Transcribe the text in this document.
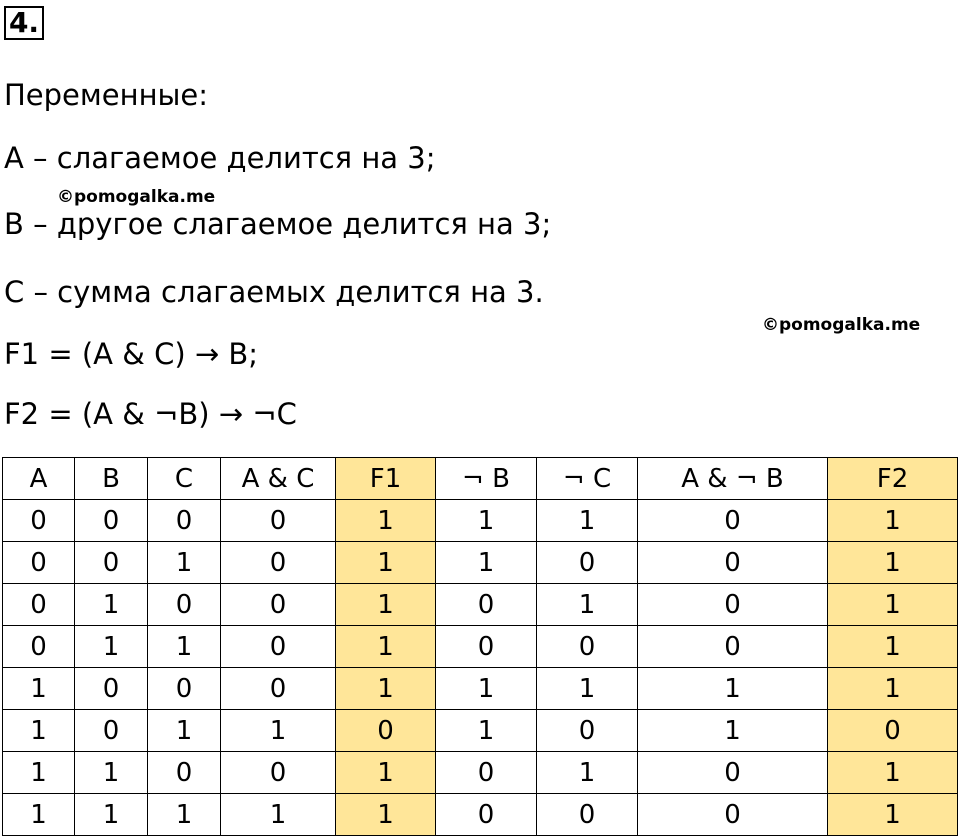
4.
Переменные:
A – слагаемое делится на 3;
©pomogalka.me
B – другое слагаемое делится на 3;
C – сумма слагаемых делится на 3.
©pomogalka.me
F1 = (A & C) → B;
F2 = (A & ¬B) → ¬C
A	B	C	A & C	F1	¬ B	¬ C	A & ¬ B	F2
0	0	0	0	1	1	1	0	1
0	0	1	0	1	1	0	0	1
0	1	0	0	1	0	1	0	1
0	1	1	0	1	0	0	0	1
1	0	0	0	1	1	1	1	1
1	0	1	1	0	1	0	1	0
1	1	0	0	1	0	1	0	1
1	1	1	1	1	0	0	0	1
